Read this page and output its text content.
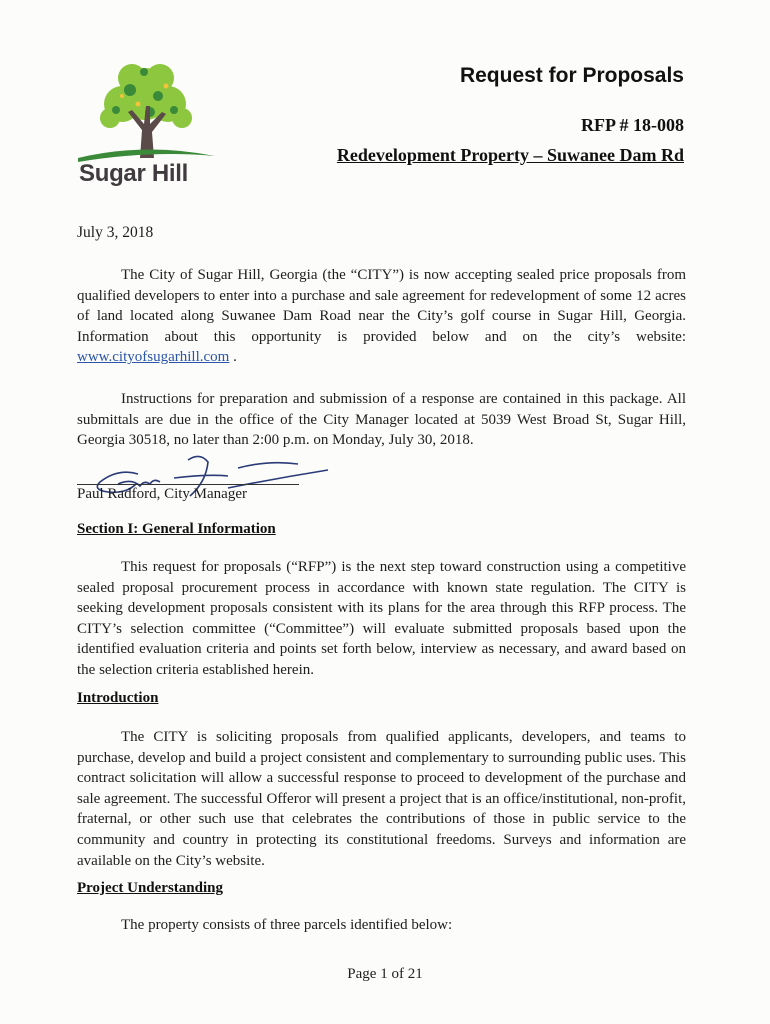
Sugar Hill
Request for Proposals
RFP # 18-008
Redevelopment Property – Suwanee Dam Rd
July 3, 2018

The City of Sugar Hill, Georgia (the “CITY”) is now accepting sealed price proposals from qualified developers to enter into a purchase and sale agreement for redevelopment of some 12 acres of land located along Suwanee Dam Road near the City’s golf course in Sugar Hill, Georgia. Information about this opportunity is provided below and on the city’s website: www.cityofsugarhill.com .

Instructions for preparation and submission of a response are contained in this package. All submittals are due in the office of the City Manager located at 5039 West Broad St, Sugar Hill, Georgia 30518, no later than 2:00 p.m. on Monday, July 30, 2018.

Paul Radford, City Manager
Section I: General Information

This request for proposals (“RFP”) is the next step toward construction using a competitive sealed proposal procurement process in accordance with known state regulation. The CITY is seeking development proposals consistent with its plans for the area through this RFP process. The CITY’s selection committee (“Committee”) will evaluate submitted proposals based upon the identified evaluation criteria and points set forth below, interview as necessary, and award based on the selection criteria established herein.

Introduction

The CITY is soliciting proposals from qualified applicants, developers, and teams to purchase, develop and build a project consistent and complementary to surrounding public uses. This contract solicitation will allow a successful response to proceed to development of the purchase and sale agreement. The successful Offeror will present a project that is an office/institutional, non-profit, fraternal, or other such use that celebrates the contributions of those in public service to the community and country in protecting its constitutional freedoms. Surveys and information are available on the City’s website.

Project Understanding

The property consists of three parcels identified below:

Page 1 of 21
